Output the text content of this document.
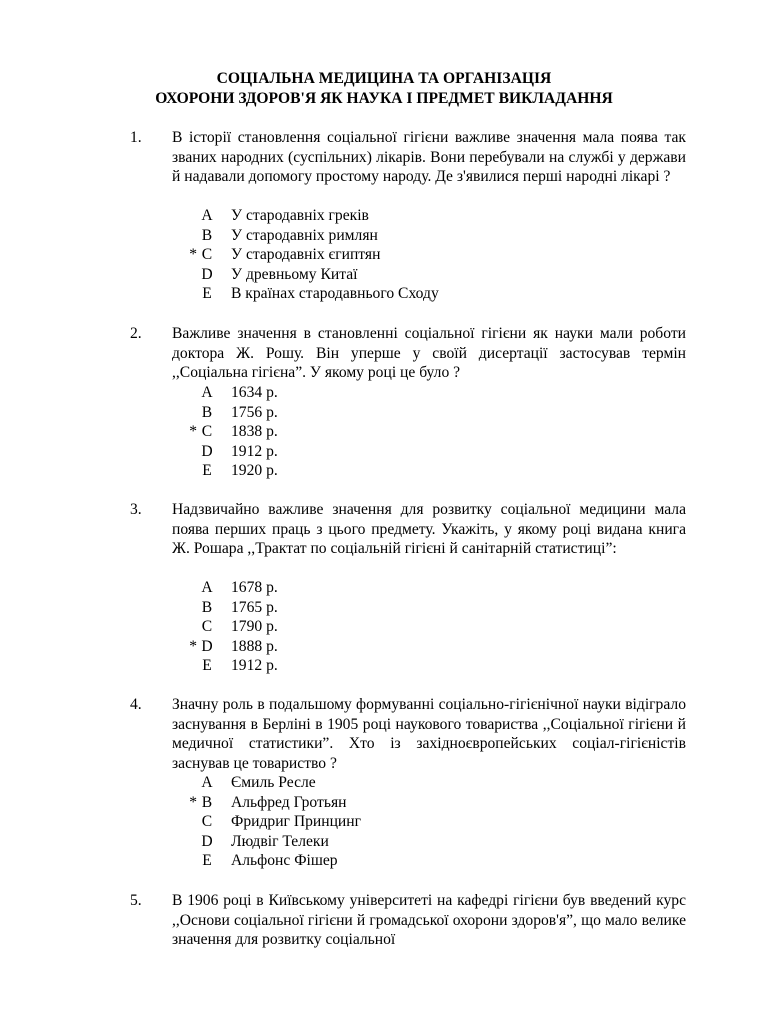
СОЦІАЛЬНА МЕДИЦИНА ТА ОРГАНІЗАЦІЯ
ОХОРОНИ ЗДОРОВ'Я ЯК НАУКА І ПРЕДМЕТ ВИКЛАДАННЯ
1. В історії становлення соціальної гігієни важливе значення мала поява так званих народних (суспільних) лікарів. Вони перебували на службі у держави й надавали допомогу простому народу. Де з'явилися перші народні лікарі ?
A У стародавніх греків
B	У стародавніх римлян
* C	У стародавніх єгиптян
D У древньому Китаї
E	В країнах стародавнього Сходу
2. Важливе значення в становленні соціальної гігієни як науки мали роботи доктора Ж. Рошу. Він уперше у своїй дисертації застосував термін ,,Соціальна гігієна”. У якому році це було ?
A 1634 р.
B	1756 р.
* C	1838 р.
D 1912 р.
E	1920 р.
3. Надзвичайно важливе значення для розвитку соціальної медицини мала поява перших праць з цього предмету. Укажіть, у якому році видана книга Ж. Рошара ,,Трактат по соціальній гігієні й санітарній статистиці”:
A 1678 р.
B	1765 р.
C	1790 р.
* D 1888 р.
E	1912 р.
4. Значну роль в подальшому формуванні соціально-гігієнічної науки відіграло заснування в Берліні в 1905 році наукового товариства ,,Соціальної гігієни й медичної статистики”. Хто із західноєвропейських соціал-гігієністів заснував це товариство ?
A Ємиль Ресле
* B	Альфред Гротьян
C	Фридриг Принцинг
D Людвіг Телеки
E	Альфонс Фішер
5. В 1906 році в Київському університеті на кафедрі гігієни був введений курс ,,Основи соціальної гігієни й громадської охорони здоров'я”, що мало велике значення для розвитку соціальної
